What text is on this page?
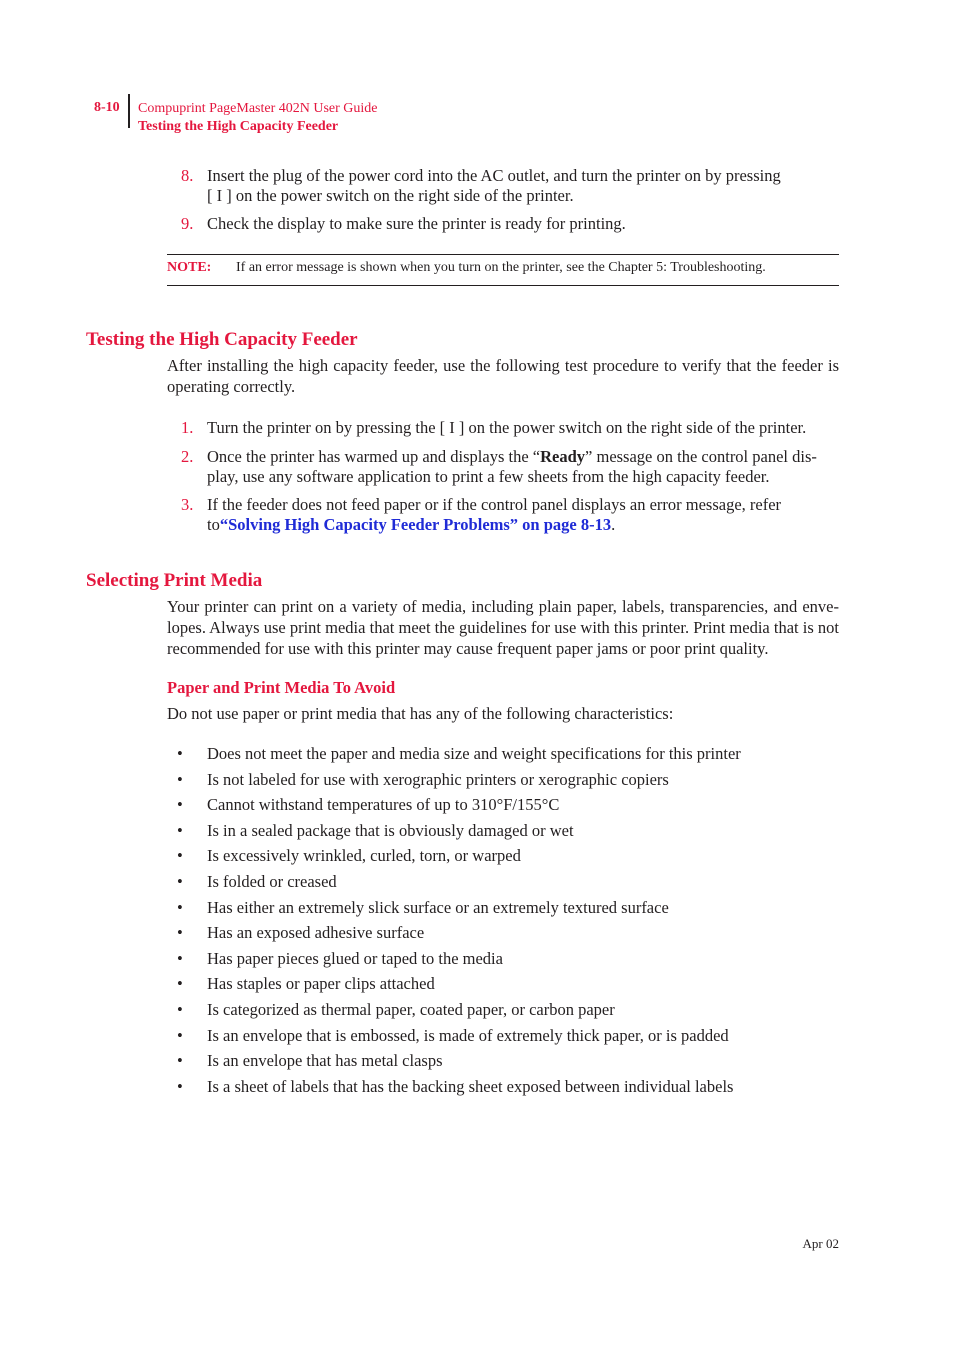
8-10 Compuprint PageMaster 402N User Guide
Testing the High Capacity Feeder
8. Insert the plug of the power cord into the AC outlet, and turn the printer on by pressing
[ I ] on the power switch on the right side of the printer.
9. Check the display to make sure the printer is ready for printing.
NOTE: If an error message is shown when you turn on the printer, see the Chapter 5: Troubleshooting.
Testing the High Capacity Feeder
After installing the high capacity feeder, use the following test procedure to verify that the feeder is operating correctly.
1. Turn the printer on by pressing the [ I ] on the power switch on the right side of the printer.
2. Once the printer has warmed up and displays the “Ready” message on the control panel dis-
play, use any software application to print a few sheets from the high capacity feeder.
3. If the feeder does not feed paper or if the control panel displays an error message, refer
to“Solving High Capacity Feeder Problems” on page 8-13.
Selecting Print Media
Your printer can print on a variety of media, including plain paper, labels, transparencies, and enve-lopes. Always use print media that meet the guidelines for use with this printer. Print media that is not recommended for use with this printer may cause frequent paper jams or poor print quality.
Paper and Print Media To Avoid
Do not use paper or print media that has any of the following characteristics:
• Does not meet the paper and media size and weight specifications for this printer
• Is not labeled for use with xerographic printers or xerographic copiers
• Cannot withstand temperatures of up to 310°F/155°C
• Is in a sealed package that is obviously damaged or wet
• Is excessively wrinkled, curled, torn, or warped
• Is folded or creased
• Has either an extremely slick surface or an extremely textured surface
• Has an exposed adhesive surface
• Has paper pieces glued or taped to the media
• Has staples or paper clips attached
• Is categorized as thermal paper, coated paper, or carbon paper
• Is an envelope that is embossed, is made of extremely thick paper, or is padded
• Is an envelope that has metal clasps
• Is a sheet of labels that has the backing sheet exposed between individual labels
Apr 02
